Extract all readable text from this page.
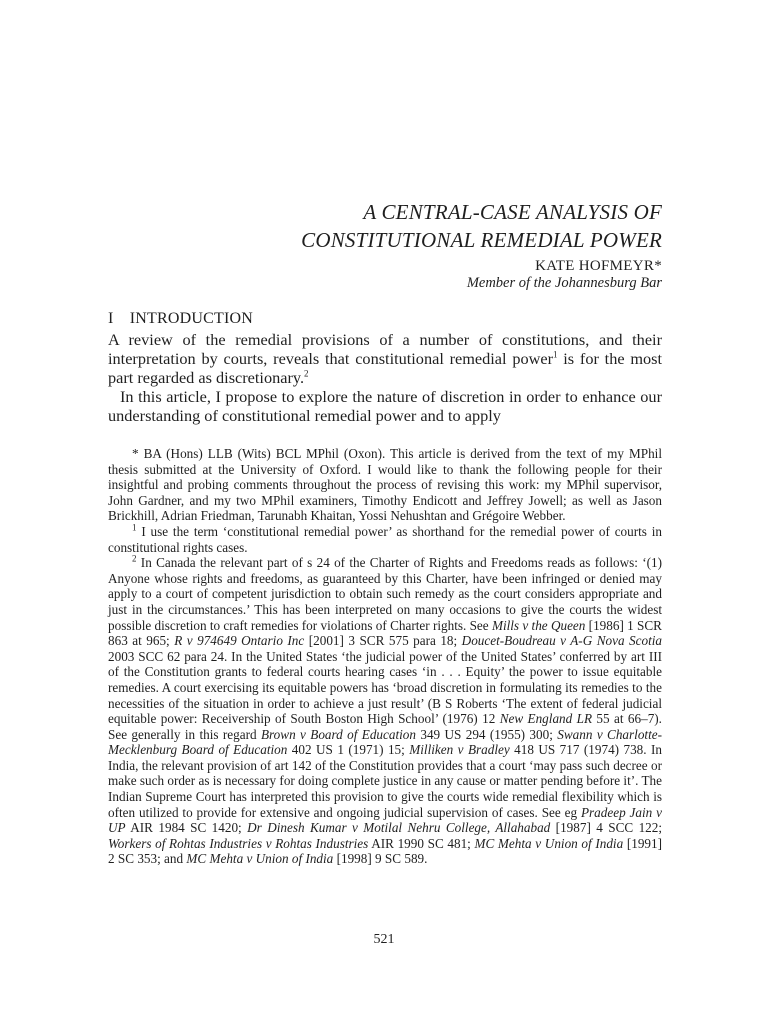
A CENTRAL-CASE ANALYSIS OF
CONSTITUTIONAL REMEDIAL POWER
KATE HOFMEYR*
Member of the Johannesburg Bar
I INTRODUCTION

A review of the remedial provisions of a number of constitutions, and their interpretation by courts, reveals that constitutional remedial power$^1$ is for the most part regarded as discretionary.$^2$

In this article, I propose to explore the nature of discretion in order to enhance our understanding of constitutional remedial power and to apply

* BA (Hons) LLB (Wits) BCL MPhil (Oxon). This article is derived from the text of my MPhil thesis submitted at the University of Oxford. I would like to thank the following people for their insightful and probing comments throughout the process of revising this work: my MPhil supervisor, John Gardner, and my two MPhil examiners, Timothy Endicott and Jeffrey Jowell; as well as Jason Brickhill, Adrian Friedman, Tarunabh Khaitan, Yossi Nehushtan and Grégoire Webber.

$^1$ I use the term ‘constitutional remedial power’ as shorthand for the remedial power of courts in constitutional rights cases.

$^2$ In Canada the relevant part of s 24 of the Charter of Rights and Freedoms reads as follows: ‘(1) Anyone whose rights and freedoms, as guaranteed by this Charter, have been infringed or denied may apply to a court of competent jurisdiction to obtain such remedy as the court considers appropriate and just in the circumstances.’ This has been interpreted on many occasions to give the courts the widest possible discretion to craft remedies for violations of Charter rights. See Mills v the Queen [1986] 1 SCR 863 at 965; R v 974649 Ontario Inc [2001] 3 SCR 575 para 18; Doucet-Boudreau v A-G Nova Scotia 2003 SCC 62 para 24. In the United States ‘the judicial power of the United States’ conferred by art III of the Constitution grants to federal courts hearing cases ‘in . . . Equity’ the power to issue equitable remedies. A court exercising its equitable powers has ‘broad discretion in formulating its remedies to the necessities of the situation in order to achieve a just result’ (B S Roberts ‘The extent of federal judicial equitable power: Receivership of South Boston High School’ (1976) 12 New England LR 55 at 66–7). See generally in this regard Brown v Board of Education 349 US 294 (1955) 300; Swann v Charlotte-Mecklenburg Board of Education 402 US 1 (1971) 15; Milliken v Bradley 418 US 717 (1974) 738. In India, the relevant provision of art 142 of the Constitution provides that a court ‘may pass such decree or make such order as is necessary for doing complete justice in any cause or matter pending before it’. The Indian Supreme Court has interpreted this provision to give the courts wide remedial flexibility which is often utilized to provide for extensive and ongoing judicial supervision of cases. See eg Pradeep Jain v UP AIR 1984 SC 1420; Dr Dinesh Kumar v Motilal Nehru College, Allahabad [1987] 4 SCC 122; Workers of Rohtas Industries v Rohtas Industries AIR 1990 SC 481; MC Mehta v Union of India [1991] 2 SC 353; and MC Mehta v Union of India [1998] 9 SC 589.

521
